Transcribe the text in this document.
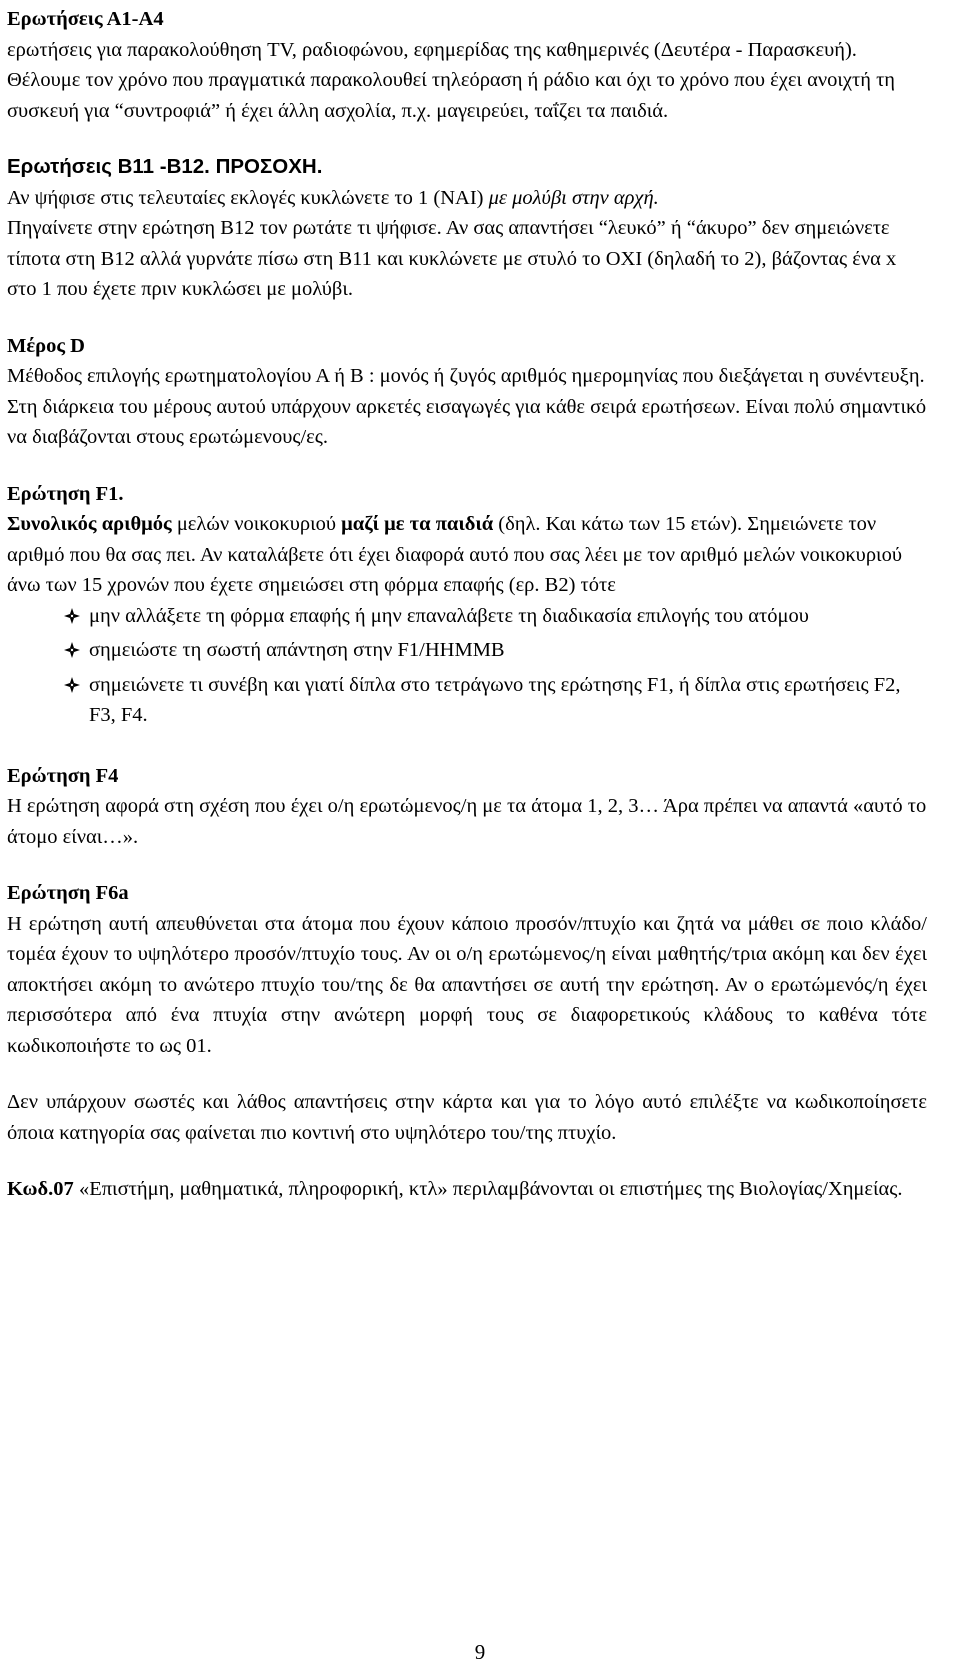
Ερωτήσεις Α1-Α4

ερωτήσεις για παρακολούθηση TV, ραδιοφώνου, εφημερίδας της καθημερινές (Δευτέρα - Παρασκευή). Θέλουμε τον χρόνο που πραγματικά παρακολουθεί τηλεόραση ή ράδιο και όχι το χρόνο που έχει ανοιχτή τη συσκευή για “συντροφιά” ή έχει άλλη ασχολία, π.χ. μαγειρεύει, ταΐζει τα παιδιά.

Ερωτήσεις B11 -B12. ΠΡΟΣΟΧΗ.

Αν ψήφισε στις τελευταίες εκλογές κυκλώνετε το 1 (ΝΑΙ) με μολύβι στην αρχή.

Πηγαίνετε στην ερώτηση B12 τον ρωτάτε τι ψήφισε. Αν σας απαντήσει “λευκό” ή “άκυρο” δεν σημειώνετε τίποτα στη B12 αλλά γυρνάτε πίσω στη B11 και κυκλώνετε με στυλό το ΟΧΙ (δηλαδή το 2), βάζοντας ένα x στο 1 που έχετε πριν κυκλώσει με μολύβι.

Μέρος D

Μέθοδος επιλογής ερωτηματολογίου Α ή Β : μονός ή ζυγός αριθμός ημερομηνίας που διεξάγεται η συνέντευξη.

Στη διάρκεια του μέρους αυτού υπάρχουν αρκετές εισαγωγές για κάθε σειρά ερωτήσεων. Είναι πολύ σημαντικό να διαβάζονται στους ερωτώμενους/ες.

Ερώτηση F1.

Συνολικός αριθμός μελών νοικοκυριού μαζί με τα παιδιά (δηλ. Και κάτω των 15 ετών). Σημειώνετε τον αριθμό που θα σας πει. Αν καταλάβετε ότι έχει διαφορά αυτό που σας λέει με τον αριθμό μελών νοικοκυριού άνω των 15 χρονών που έχετε σημειώσει στη φόρμα επαφής (ερ. B2) τότε

μην αλλάξετε τη φόρμα επαφής ή μην επαναλάβετε τη διαδικασία επιλογής του ατόμου
σημειώστε τη σωστή απάντηση στην F1/HHMMB
σημειώνετε τι συνέβη και γιατί δίπλα στο τετράγωνο της ερώτησης F1, ή δίπλα στις ερωτήσεις F2, F3, F4.
Ερώτηση F4

Η ερώτηση αφορά στη σχέση που έχει ο/η ερωτώμενος/η με τα άτομα 1, 2, 3… Άρα πρέπει να απαντά «αυτό το άτομο είναι…».

Ερώτηση F6a

Η ερώτηση αυτή απευθύνεται στα άτομα που έχουν κάποιο προσόν/πτυχίο και ζητά να μάθει σε ποιο κλάδο/τομέα έχουν το υψηλότερο προσόν/πτυχίο τους. Αν οι ο/η ερωτώμενος/η είναι μαθητής/τρια ακόμη και δεν έχει αποκτήσει ακόμη το ανώτερο πτυχίο του/της δε θα απαντήσει σε αυτή την ερώτηση. Αν ο ερωτώμενός/η έχει περισσότερα από ένα πτυχία στην ανώτερη μορφή τους σε διαφορετικούς κλάδους το καθένα τότε κωδικοποιήστε το ως 01.

Δεν υπάρχουν σωστές και λάθος απαντήσεις στην κάρτα και για το λόγο αυτό επιλέξτε να κωδικοποίησετε όποια κατηγορία σας φαίνεται πιο κοντινή στο υψηλότερο του/της πτυχίο.

Κωδ.07 «Επιστήμη, μαθηματικά, πληροφορική, κτλ» περιλαμβάνονται οι επιστήμες της Βιολογίας/Χημείας.

9
